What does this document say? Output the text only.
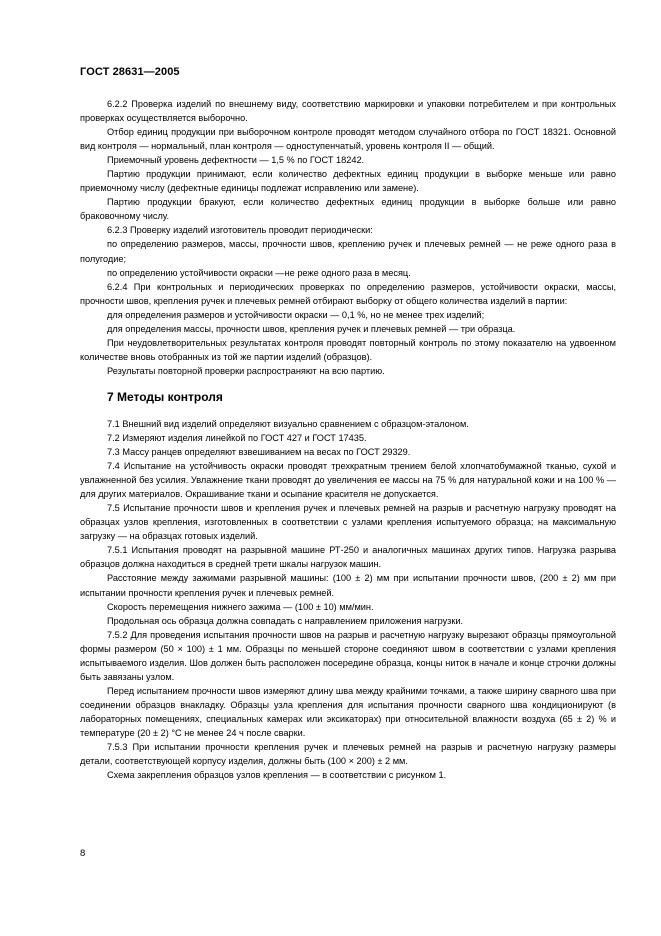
ГОСТ 28631—2005

6.2.2 Проверка изделий по внешнему виду, соответствию маркировки и упаковки потребителем и при контрольных проверках осуществляется выборочно.

Отбор единиц продукции при выборочном контроле проводят методом случайного отбора по ГОСТ 18321. Основной вид контроля — нормальный, план контроля — одноступенчатый, уровень контроля II — общий.

Приемочный уровень дефектности — 1,5 % по ГОСТ 18242.

Партию продукции принимают, если количество дефектных единиц продукции в выборке меньше или равно приемочному числу (дефектные единицы подлежат исправлению или замене).

Партию продукции бракуют, если количество дефектных единиц продукции в выборке больше или равно браковочному числу.

6.2.3 Проверку изделий изготовитель проводит периодически:

по определению размеров, массы, прочности швов, креплению ручек и плечевых ремней — не реже одного раза в полугодие;

по определению устойчивости окраски —не реже одного раза в месяц.

6.2.4 При контрольных и периодических проверках по определению размеров, устойчивости окраски, массы, прочности швов, крепления ручек и плечевых ремней отбирают выборку от общего количества изделий в партии:

для определения размеров и устойчивости окраски — 0,1 %, но не менее трех изделий;

для определения массы, прочности швов, крепления ручек и плечевых ремней — три образца.

При неудовлетворительных результатах контроля проводят повторный контроль по этому показателю на удвоенном количестве вновь отобранных из той же партии изделий (образцов).

Результаты повторной проверки распространяют на всю партию.

7 Методы контроля

7.1 Внешний вид изделий определяют визуально сравнением с образцом-эталоном.

7.2 Измеряют изделия линейкой по ГОСТ 427 и ГОСТ 17435.

7.3 Массу ранцев определяют взвешиванием на весах по ГОСТ 29329.

7.4 Испытание на устойчивость окраски проводят трехкратным трением белой хлопчатобумажной тканью, сухой и увлажненной без усилия. Увлажнение ткани проводят до увеличения ее массы на 75 % для натуральной кожи и на 100 % — для других материалов. Окрашивание ткани и осыпание красителя не допускается.

7.5 Испытание прочности швов и крепления ручек и плечевых ремней на разрыв и расчетную нагрузку проводят на образцах узлов крепления, изготовленных в соответствии с узлами крепления испытуемого образца; на максимальную загрузку — на образцах готовых изделий.

7.5.1 Испытания проводят на разрывной машине РТ-250 и аналогичных машинах других типов. Нагрузка разрыва образцов должна находиться в средней трети шкалы нагрузок машин.

Расстояние между зажимами разрывной машины: (100 ± 2) мм при испытании прочности швов, (200 ± 2) мм при испытании прочности крепления ручек и плечевых ремней.

Скорость перемещения нижнего зажима — (100 ± 10) мм/мин.

Продольная ось образца должна совпадать с направлением приложения нагрузки.

7.5.2 Для проведения испытания прочности швов на разрыв и расчетную нагрузку вырезают образцы прямоугольной формы размером (50 × 100) ± 1 мм. Образцы по меньшей стороне соединяют швом в соответствии с узлами крепления испытываемого изделия. Шов должен быть расположен посередине образца, концы ниток в начале и конце строчки должны быть завязаны узлом.

Перед испытанием прочности швов измеряют длину шва между крайними точками, а также ширину сварного шва при соединении образцов внакладку. Образцы узла крепления для испытания прочности сварного шва кондиционируют (в лабораторных помещениях, специальных камерах или эксикаторах) при относительной влажности воздуха (65 ± 2) % и температуре (20 ± 2) °С не менее 24 ч после сварки.

7.5.3 При испытании прочности крепления ручек и плечевых ремней на разрыв и расчетную нагрузку размеры детали, соответствующей корпусу изделия, должны быть (100 × 200) ± 2 мм.

Схема закрепления образцов узлов крепления — в соответствии с рисунком 1.

8
